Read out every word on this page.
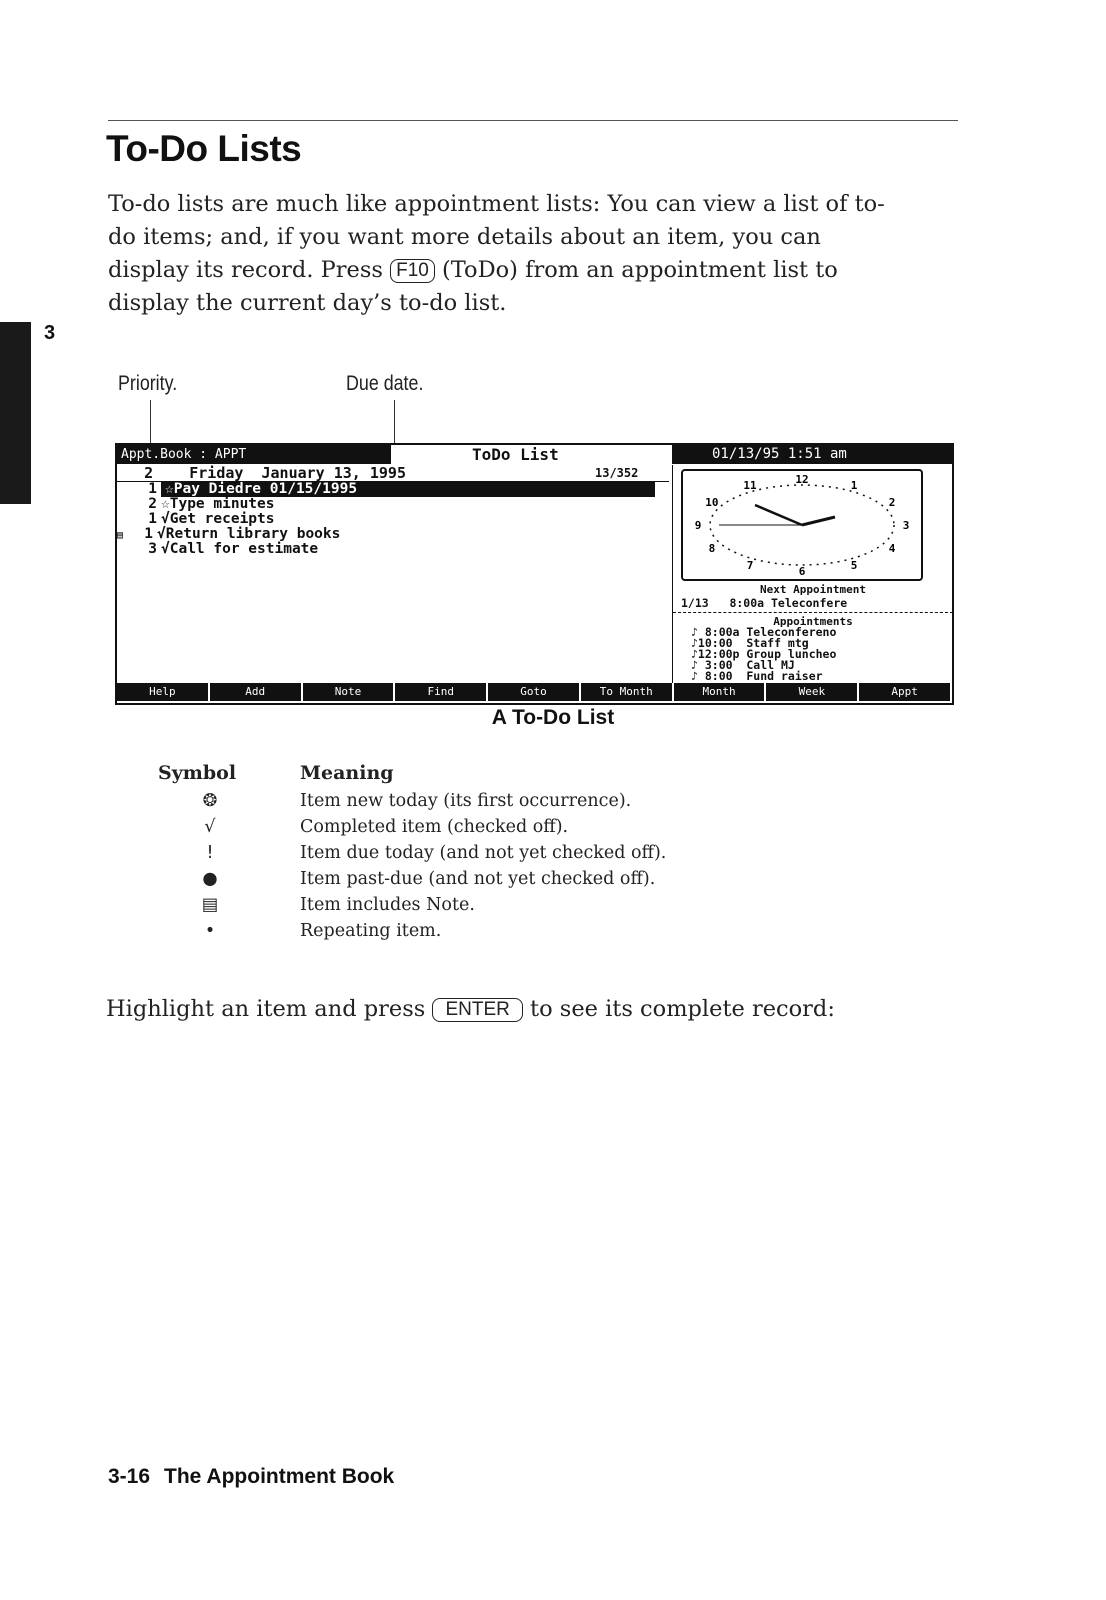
To-Do Lists

To-do lists are much like appointment lists: You can view a list of to-do items; and, if you want more details about an item, you can display its record. Press F10 (ToDo) from an appointment list to display the current day’s to-do list.

3
Priority.	Due date.
Appt.Book : APPT	ToDo List	01/13/95 1:51 am
2    Friday  January 13, 1995	13/352
1 ☆Pay Diedre 01/15/1995
2 ☆Type minutes
1 √Get receipts
▤ 1 √Return library books
3 √Call for estimate
12	1
2
3
4
5
6
7
8
9
10
11
Next Appointment
1/13   8:00a Teleconfere
Appointments
♪ 8:00a Teleconfereno
♪10:00  Staff mtg
♪12:00p Group luncheo
♪ 3:00  Call MJ
♪ 8:00  Fund raiser
Help	Add	Note	Find	Goto	To Month	Month	Week	Appt
A To-Do List
Symbol	Meaning
❂	Item new today (its first occurrence).
√	Completed item (checked off).
!	Item due today (and not yet checked off).
●	Item past-due (and not yet checked off).
▤	Item includes Note.
•	Repeating item.

Highlight an item and press ENTER to see its complete record:

3-16 The Appointment Book
